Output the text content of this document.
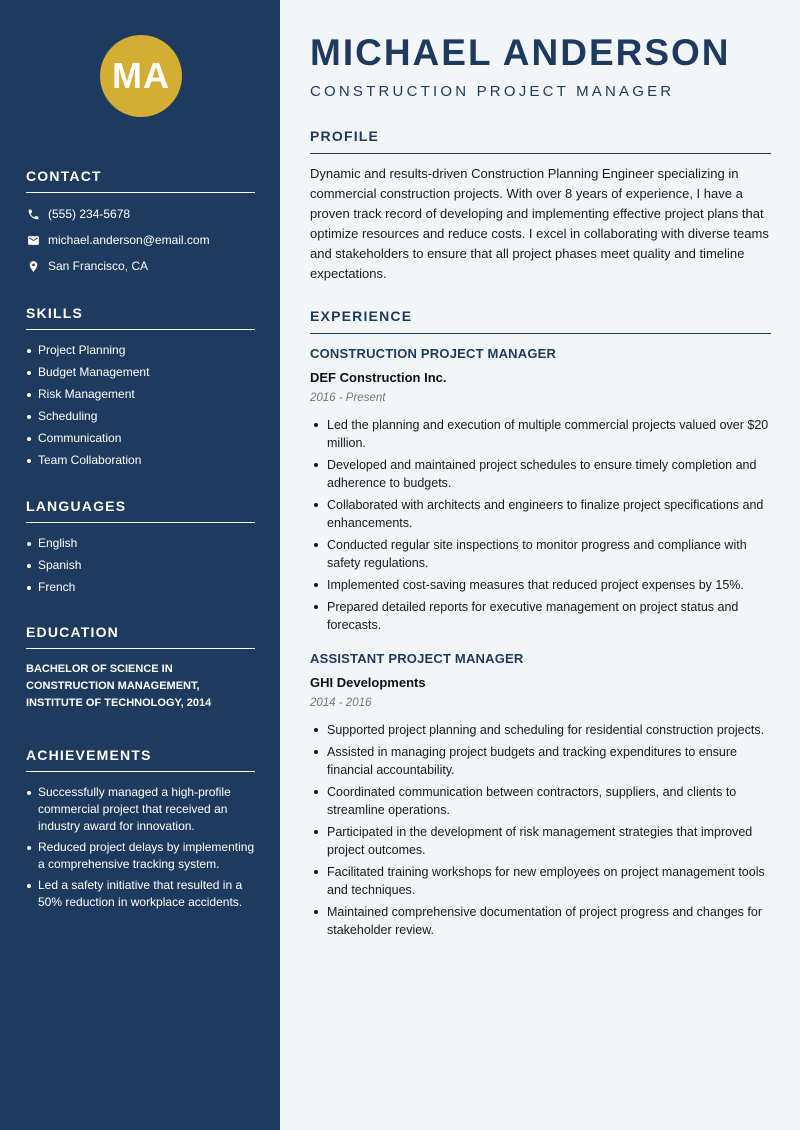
MA
CONTACT
(555) 234-5678
michael.anderson@email.com
San Francisco, CA
SKILLS
Project Planning
Budget Management
Risk Management
Scheduling
Communication
Team Collaboration
LANGUAGES
English
Spanish
French
EDUCATION
BACHELOR OF SCIENCE IN CONSTRUCTION MANAGEMENT, INSTITUTE OF TECHNOLOGY, 2014
ACHIEVEMENTS
Successfully managed a high-profile commercial project that received an industry award for innovation.
Reduced project delays by implementing a comprehensive tracking system.
Led a safety initiative that resulted in a 50% reduction in workplace accidents.
MICHAEL ANDERSON
CONSTRUCTION PROJECT MANAGER
PROFILE

Dynamic and results-driven Construction Planning Engineer specializing in commercial construction projects. With over 8 years of experience, I have a proven track record of developing and implementing effective project plans that optimize resources and reduce costs. I excel in collaborating with diverse teams and stakeholders to ensure that all project phases meet quality and timeline expectations.

EXPERIENCE
CONSTRUCTION PROJECT MANAGER
DEF Construction Inc.
2016 - Present
Led the planning and execution of multiple commercial projects valued over $20 million.
Developed and maintained project schedules to ensure timely completion and adherence to budgets.
Collaborated with architects and engineers to finalize project specifications and enhancements.
Conducted regular site inspections to monitor progress and compliance with safety regulations.
Implemented cost-saving measures that reduced project expenses by 15%.
Prepared detailed reports for executive management on project status and forecasts.
ASSISTANT PROJECT MANAGER
GHI Developments
2014 - 2016
Supported project planning and scheduling for residential construction projects.
Assisted in managing project budgets and tracking expenditures to ensure financial accountability.
Coordinated communication between contractors, suppliers, and clients to streamline operations.
Participated in the development of risk management strategies that improved project outcomes.
Facilitated training workshops for new employees on project management tools and techniques.
Maintained comprehensive documentation of project progress and changes for stakeholder review.
